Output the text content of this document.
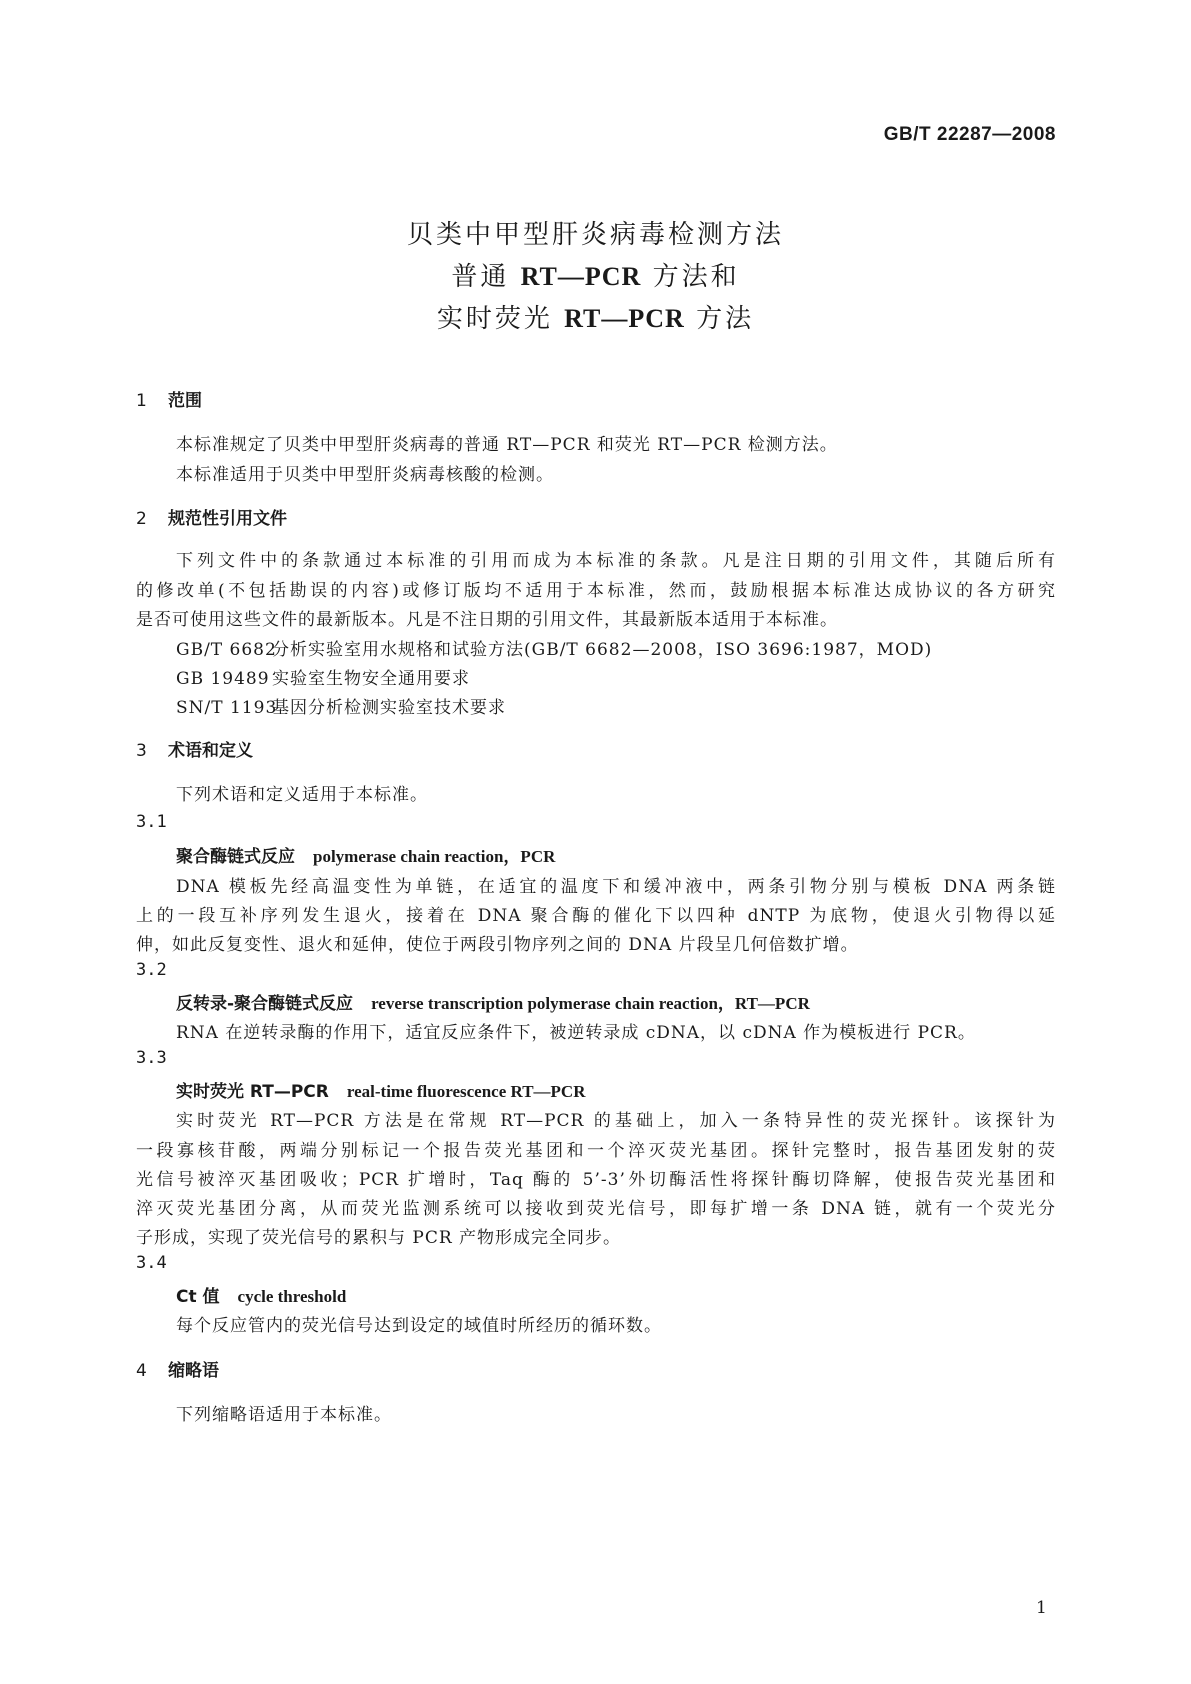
GB/T 22287—2008
贝类中甲型肝炎病毒检测方法
普通 RT—PCR 方法和
实时荧光 RT—PCR 方法
1 范围
本标准规定了贝类中甲型肝炎病毒的普通 RT—PCR 和荧光 RT—PCR 检测方法。
本标准适用于贝类中甲型肝炎病毒核酸的检测。
2 规范性引用文件
下列文件中的条款通过本标准的引用而成为本标准的条款。凡是注日期的引用文件，其随后所有
的修改单(不包括勘误的内容)或修订版均不适用于本标准，然而，鼓励根据本标准达成协议的各方研究
是否可使用这些文件的最新版本。凡是不注日期的引用文件，其最新版本适用于本标准。
GB/T 6682分析实验室用水规格和试验方法(GB/T 6682—2008，ISO 3696:1987，MOD)
GB 19489 实验室生物安全通用要求
SN/T 1193基因分析检测实验室技术要求
3 术语和定义
下列术语和定义适用于本标准。
3.1
聚合酶链式反应 polymerase chain reaction，PCR
DNA 模板先经高温变性为单链，在适宜的温度下和缓冲液中，两条引物分别与模板 DNA 两条链
上的一段互补序列发生退火，接着在 DNA 聚合酶的催化下以四种 dNTP 为底物，使退火引物得以延
伸，如此反复变性、退火和延伸，使位于两段引物序列之间的 DNA 片段呈几何倍数扩增。
3.2
反转录-聚合酶链式反应 reverse transcription polymerase chain reaction，RT—PCR
RNA 在逆转录酶的作用下，适宜反应条件下，被逆转录成 cDNA，以 cDNA 作为模板进行 PCR。
3.3
实时荧光 RT—PCR real-time fluorescence RT—PCR
实时荧光 RT—PCR 方法是在常规 RT—PCR 的基础上，加入一条特异性的荧光探针。该探针为
一段寡核苷酸，两端分别标记一个报告荧光基团和一个淬灭荧光基团。探针完整时，报告基团发射的荧
光信号被淬灭基团吸收；PCR 扩增时，Taq 酶的 5’-3’外切酶活性将探针酶切降解，使报告荧光基团和
淬灭荧光基团分离，从而荧光监测系统可以接收到荧光信号，即每扩增一条 DNA 链，就有一个荧光分
子形成，实现了荧光信号的累积与 PCR 产物形成完全同步。
3.4
Ct 值 cycle threshold
每个反应管内的荧光信号达到设定的域值时所经历的循环数。
4 缩略语
下列缩略语适用于本标准。
1
